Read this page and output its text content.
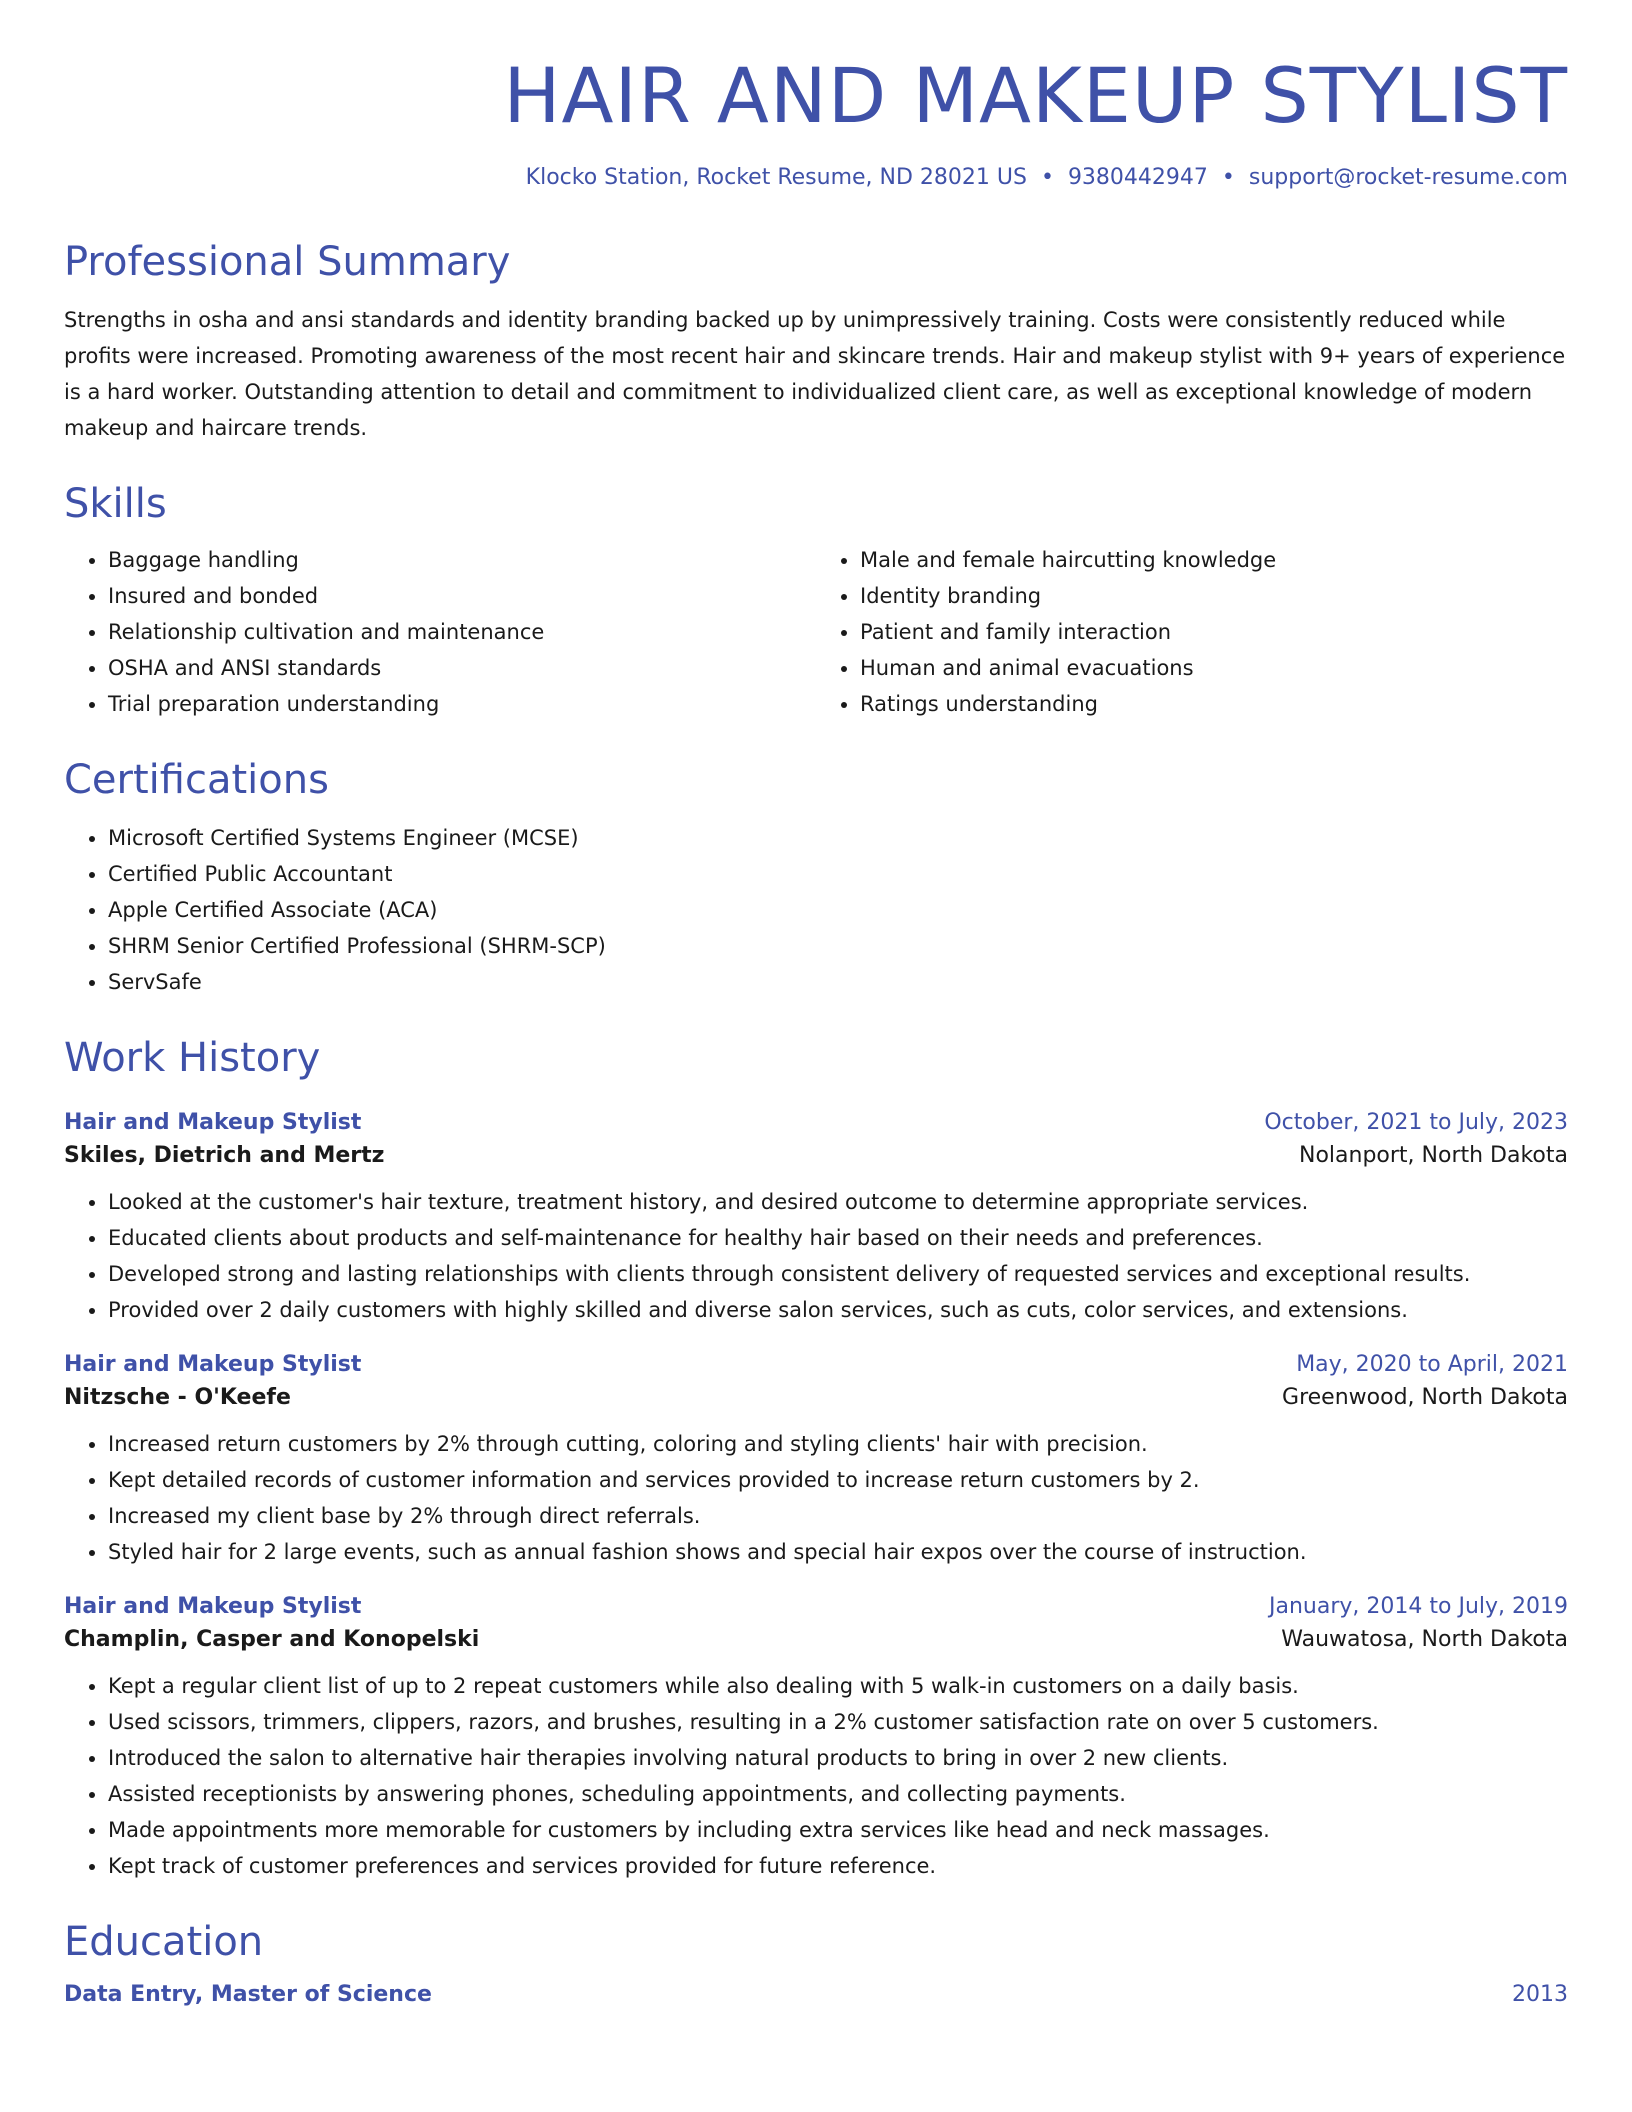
HAIR AND MAKEUP STYLIST
Klocko Station, Rocket Resume, ND 28021 US • 9380442947 • support@rocket-resume.com
Professional Summary

Strengths in osha and ansi standards and identity branding backed up by unimpressively training. Costs were consistently reduced while profits were increased. Promoting awareness of the most recent hair and skincare trends. Hair and makeup stylist with 9+ years of experience is a hard worker. Outstanding attention to detail and commitment to individualized client care, as well as exceptional knowledge of modern makeup and haircare trends.

Skills
• Baggage handling
• Insured and bonded
• Relationship cultivation and maintenance
• OSHA and ANSI standards
• Trial preparation understanding
• Male and female haircutting knowledge
• Identity branding
• Patient and family interaction
• Human and animal evacuations
• Ratings understanding
Certifications
• Microsoft Certified Systems Engineer (MCSE)
• Certified Public Accountant
• Apple Certified Associate (ACA)
• SHRM Senior Certified Professional (SHRM-SCP)
• ServSafe
Work History
Hair and Makeup Stylist	October, 2021 to July, 2023
Skiles, Dietrich and Mertz	Nolanport, North Dakota
• Looked at the customer's hair texture, treatment history, and desired outcome to determine appropriate services.
• Educated clients about products and self-maintenance for healthy hair based on their needs and preferences.
• Developed strong and lasting relationships with clients through consistent delivery of requested services and exceptional results.
• Provided over 2 daily customers with highly skilled and diverse salon services, such as cuts, color services, and extensions.
Hair and Makeup Stylist	May, 2020 to April, 2021
Nitzsche - O'Keefe	Greenwood, North Dakota
• Increased return customers by 2% through cutting, coloring and styling clients' hair with precision.
• Kept detailed records of customer information and services provided to increase return customers by 2.
• Increased my client base by 2% through direct referrals.
• Styled hair for 2 large events, such as annual fashion shows and special hair expos over the course of instruction.
Hair and Makeup Stylist	January, 2014 to July, 2019
Champlin, Casper and Konopelski	Wauwatosa, North Dakota
• Kept a regular client list of up to 2 repeat customers while also dealing with 5 walk-in customers on a daily basis.
• Used scissors, trimmers, clippers, razors, and brushes, resulting in a 2% customer satisfaction rate on over 5 customers.
• Introduced the salon to alternative hair therapies involving natural products to bring in over 2 new clients.
• Assisted receptionists by answering phones, scheduling appointments, and collecting payments.
• Made appointments more memorable for customers by including extra services like head and neck massages.
• Kept track of customer preferences and services provided for future reference.
Education
Data Entry, Master of Science	2013
